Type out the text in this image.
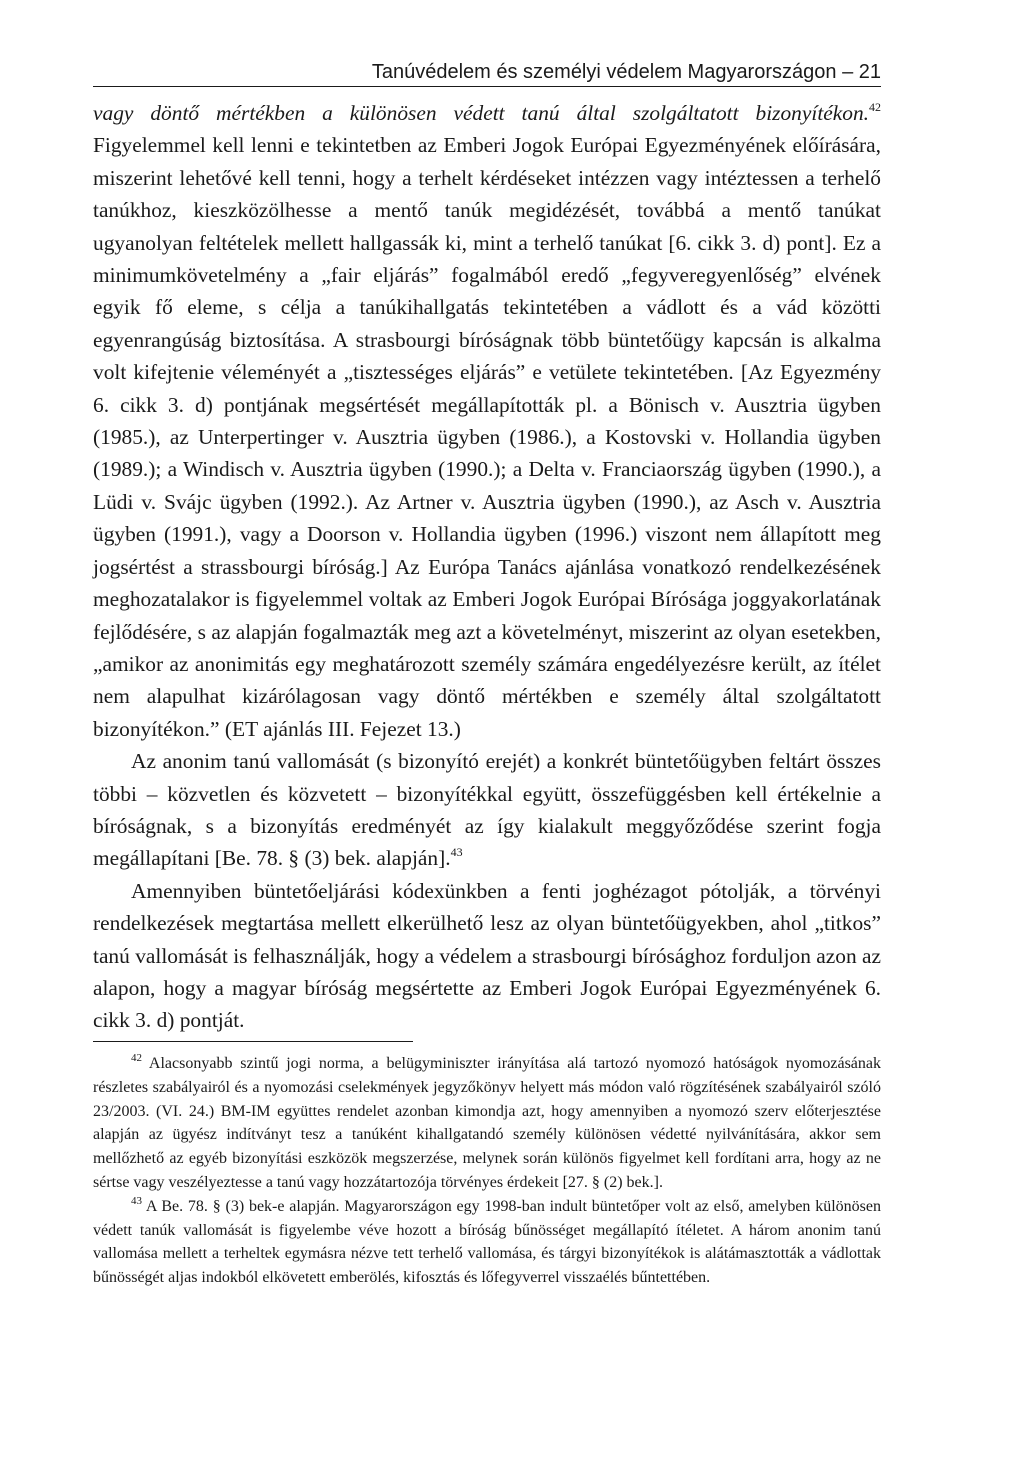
Tanúvédelem és személyi védelem Magyarországon – 21

vagy döntő mértékben a különösen védett tanú által szolgáltatott bizonyítékon.$^{42}$ Figyelemmel kell lenni e tekintetben az Emberi Jogok Európai Egyezményének előírására, miszerint lehetővé kell tenni, hogy a terhelt kérdéseket intézzen vagy intéztessen a terhelő tanúkhoz, kieszközölhesse a mentő tanúk megidézését, továbbá a mentő tanúkat ugyanolyan feltételek mellett hallgassák ki, mint a terhelő tanúkat [6. cikk 3. d) pont]. Ez a minimumkövetelmény a „fair eljárás” fogalmából eredő „fegyveregyenlőség” elvének egyik fő eleme, s célja a tanúkihallgatás tekintetében a vádlott és a vád közötti egyenrangúság biztosítása. A strasbourgi bíróságnak több büntetőügy kapcsán is alkalma volt kifejtenie véleményét a „tisztességes eljárás” e vetülete tekintetében. [Az Egyezmény 6. cikk 3. d) pontjának megsértését megállapították pl. a Bönisch v. Ausztria ügyben (1985.), az Unterpertinger v. Ausztria ügyben (1986.), a Kostovski v. Hollandia ügyben (1989.); a Windisch v. Ausztria ügyben (1990.); a Delta v. Franciaország ügyben (1990.), a Lüdi v. Svájc ügyben (1992.). Az Artner v. Ausztria ügyben (1990.), az Asch v. Ausztria ügyben (1991.), vagy a Doorson v. Hollandia ügyben (1996.) viszont nem állapított meg jogsértést a strassbourgi bíróság.] Az Európa Tanács ajánlása vonatkozó rendelkezésének meghozatalakor is figyelemmel voltak az Emberi Jogok Európai Bírósága joggyakorlatának fejlődésére, s az alapján fogalmazták meg azt a követelményt, miszerint az olyan esetekben, „amikor az anonimitás egy meghatározott személy számára engedélyezésre került, az ítélet nem alapulhat kizárólagosan vagy döntő mértékben e személy által szolgáltatott bizonyítékon.” (ET ajánlás III. Fejezet 13.)

Az anonim tanú vallomását (s bizonyító erejét) a konkrét büntetőügyben feltárt összes többi – közvetlen és közvetett – bizonyítékkal együtt, összefüggésben kell értékelnie a bíróságnak, s a bizonyítás eredményét az így kialakult meggyőződése szerint fogja megállapítani [Be. 78. § (3) bek. alapján].$^{43}$

Amennyiben büntetőeljárási kódexünkben a fenti joghézagot pótolják, a törvényi rendelkezések megtartása mellett elkerülhető lesz az olyan büntetőügyekben, ahol „titkos” tanú vallomását is felhasználják, hogy a védelem a strasbourgi bírósághoz forduljon azon az alapon, hogy a magyar bíróság megsértette az Emberi Jogok Európai Egyezményének 6. cikk 3. d) pontját.

$^{42}$ Alacsonyabb szintű jogi norma, a belügyminiszter irányítása alá tartozó nyomozó hatóságok nyomozásának részletes szabályairól és a nyomozási cselekmények jegyzőkönyv helyett más módon való rögzítésének szabályairól szóló 23/2003. (VI. 24.) BM-IM együttes rendelet azonban kimondja azt, hogy amennyiben a nyomozó szerv előterjesztése alapján az ügyész indítványt tesz a tanúként kihallgatandó személy különösen védetté nyilvánítására, akkor sem mellőzhető az egyéb bizonyítási eszközök megszerzése, melynek során különös figyelmet kell fordítani arra, hogy az ne sértse vagy veszélyeztesse a tanú vagy hozzátartozója törvényes érdekeit [27. § (2) bek.].

$^{43}$ A Be. 78. § (3) bek-e alapján. Magyarországon egy 1998-ban indult büntetőper volt az első, amelyben különösen védett tanúk vallomását is figyelembe véve hozott a bíróság bűnösséget megállapító ítéletet. A három anonim tanú vallomása mellett a terheltek egymásra nézve tett terhelő vallomása, és tárgyi bizonyítékok is alátámasztották a vádlottak bűnösségét aljas indokból elkövetett emberölés, kifosztás és lőfegyverrel visszaélés bűntettében.
